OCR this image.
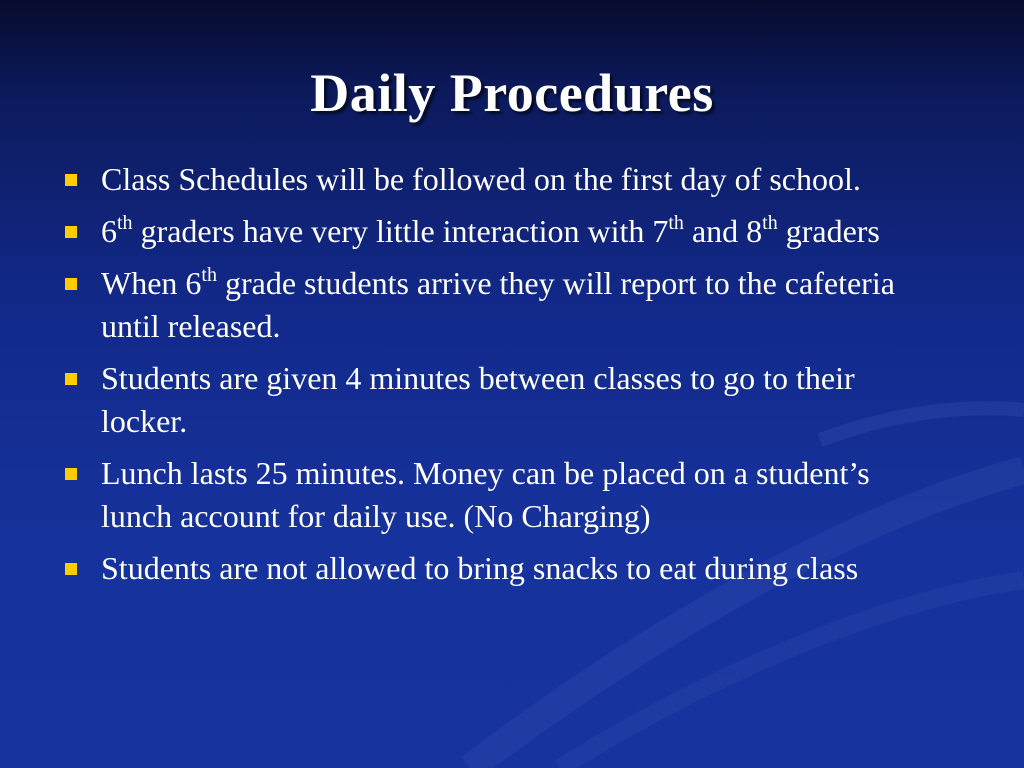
Daily Procedures
Class Schedules will be followed on the first day of school.
6th graders have very little interaction with 7th and 8th graders
When 6th grade students arrive they will report to the cafeteria until released.
Students are given 4 minutes between classes to go to their locker.
Lunch lasts 25 minutes. Money can be placed on a student’s lunch account for daily use. (No Charging)
Students are not allowed to bring snacks to eat during class
